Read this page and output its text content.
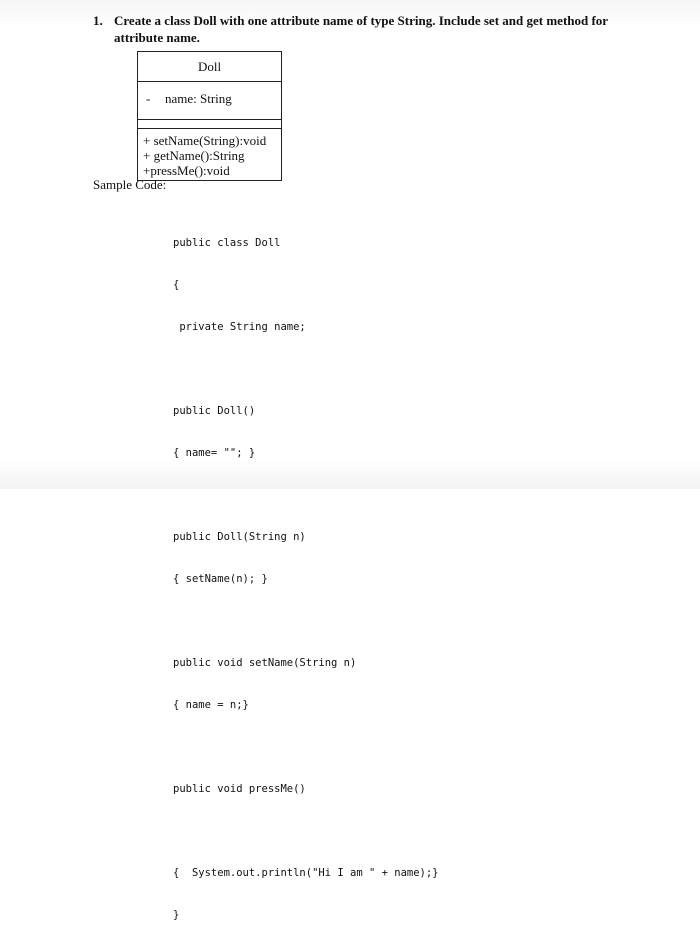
1. Create a class Doll with one attribute name of type String. Include set and get method for attribute name.
Doll
- name: String
+ setName(String):void
+ getName():String
+pressMe():void
Sample Code:

public class Doll

{

private String name;

public Doll()

{ name= ""; }

public Doll(String n)

{ setName(n); }

public void setName(String n)

{ name = n;}

public void pressMe()

{  System.out.println("Hi I am " + name);}

}
